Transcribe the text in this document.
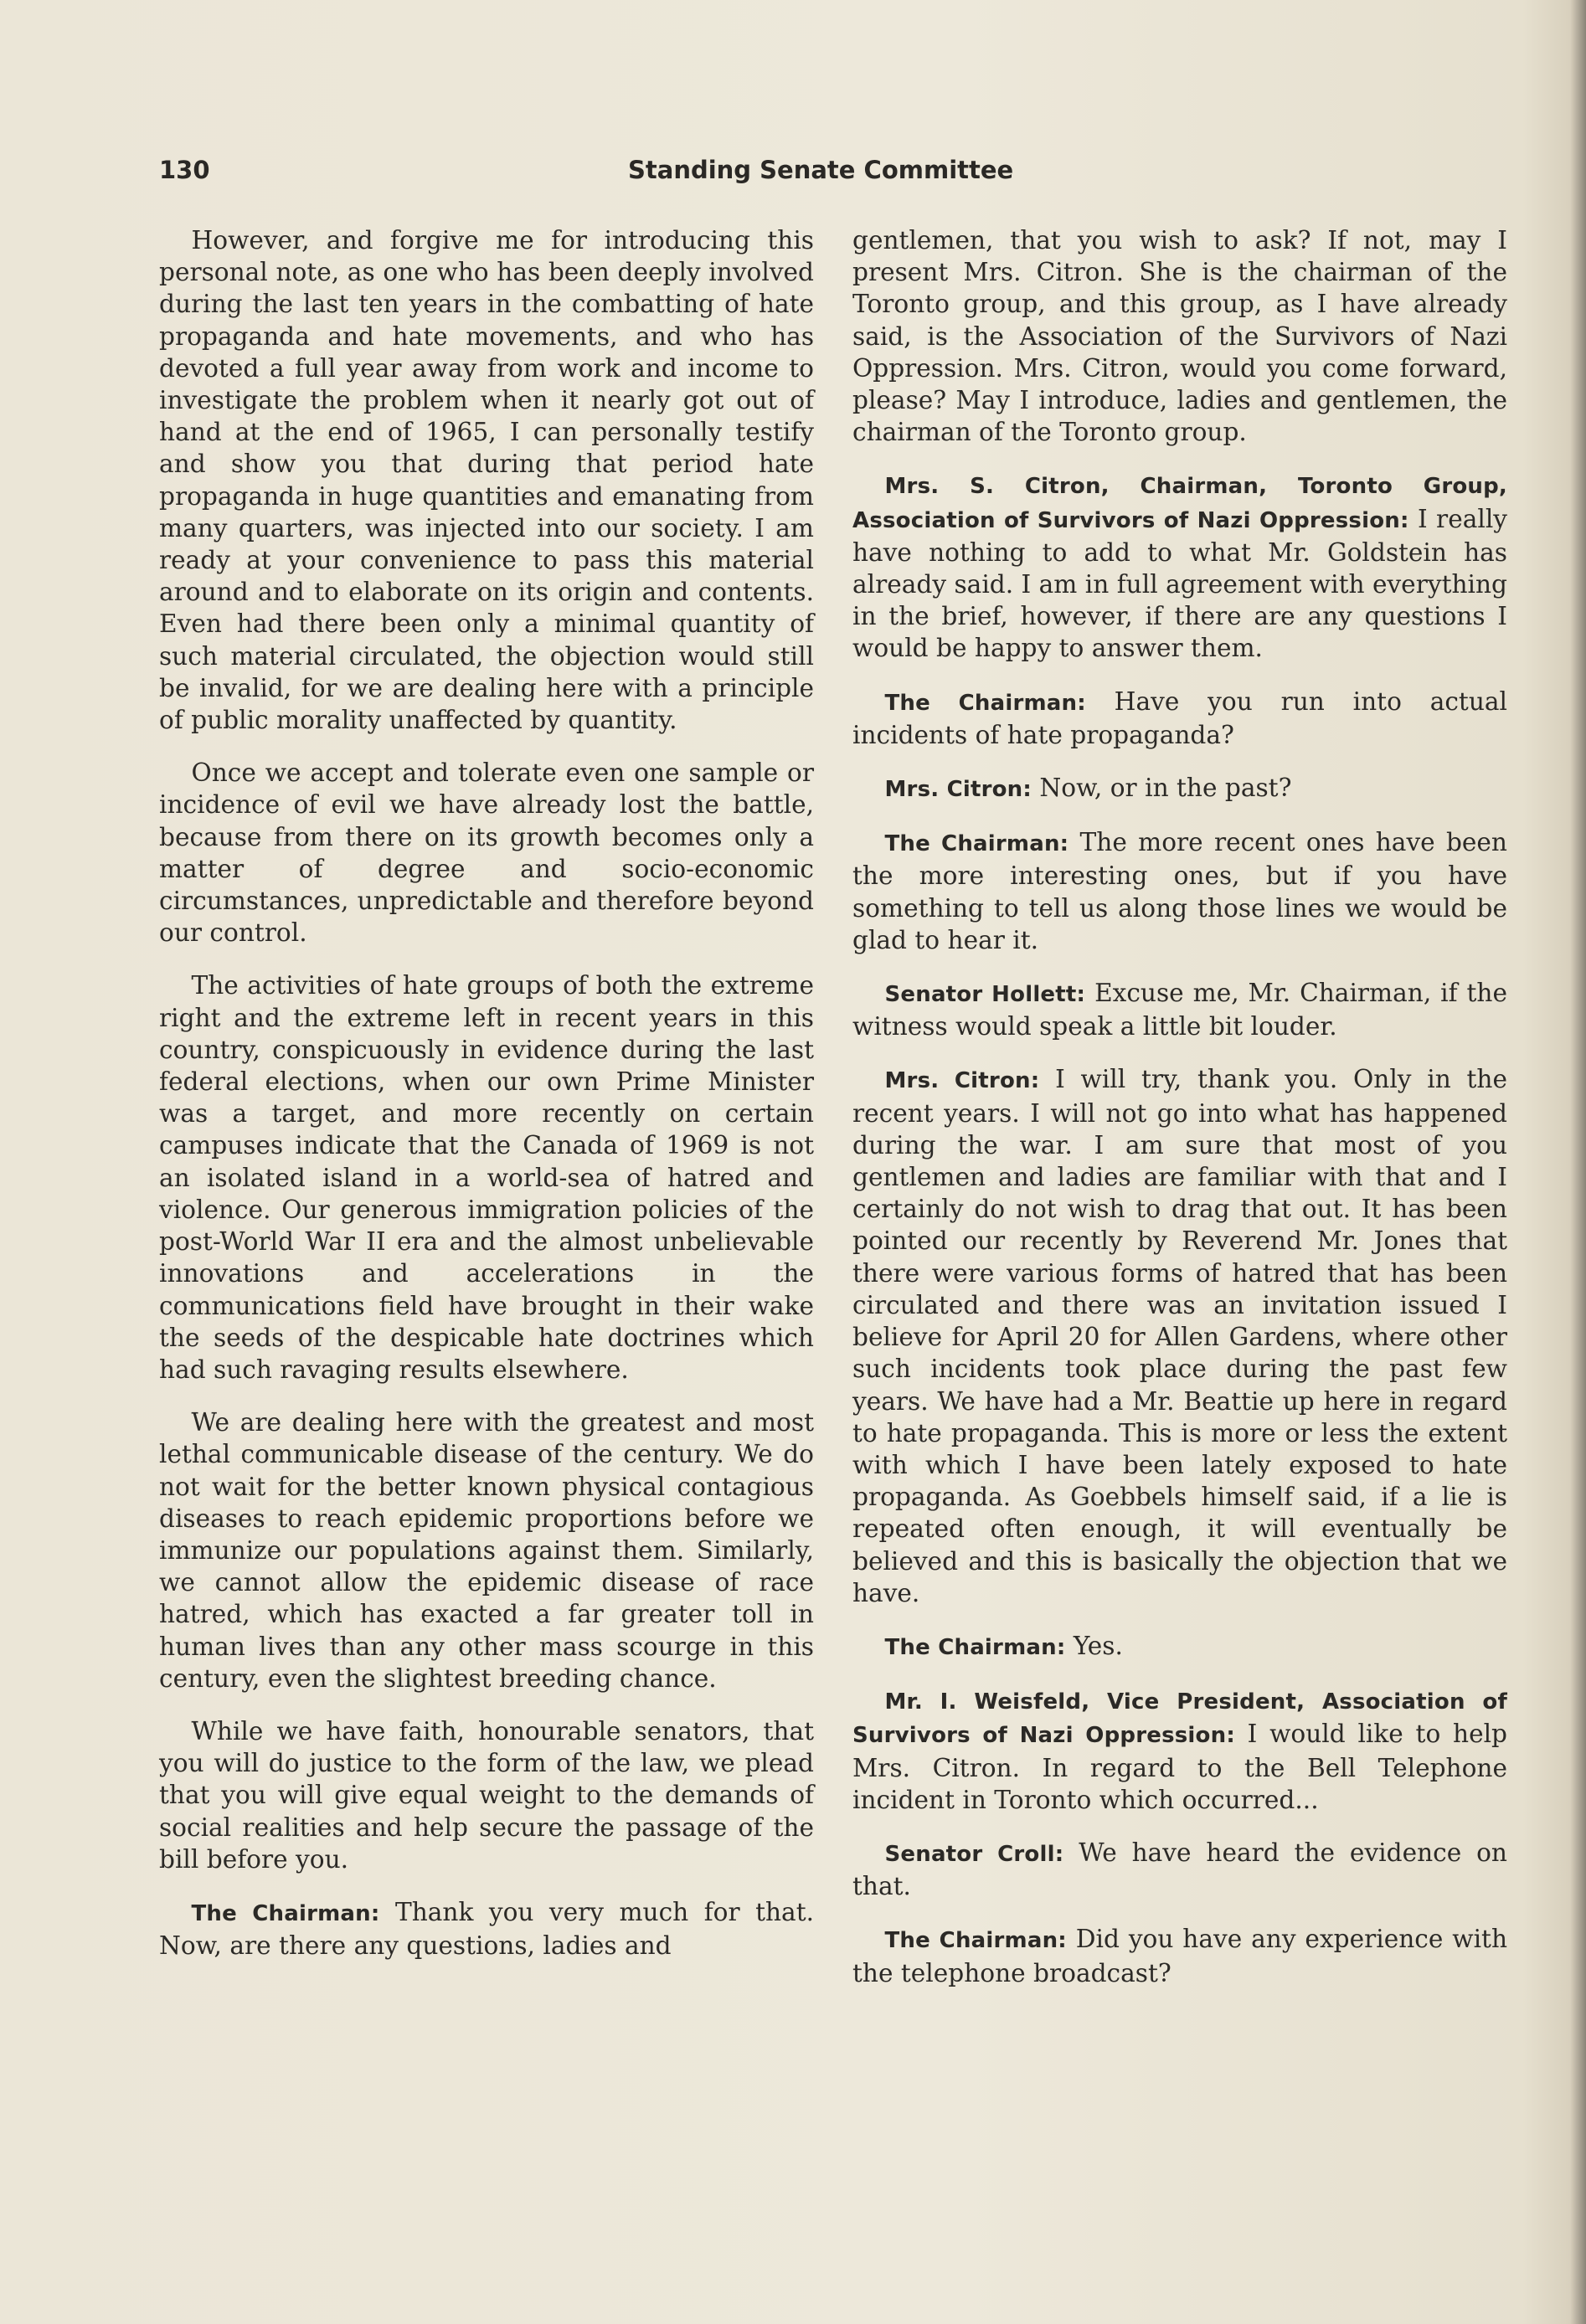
130	Standing Senate Committee

However, and forgive me for introducing this personal note, as one who has been deeply involved during the last ten years in the combatting of hate propaganda and hate movements, and who has devoted a full year away from work and income to investigate the problem when it nearly got out of hand at the end of 1965, I can personally testify and show you that during that period hate propaganda in huge quantities and emanating from many quarters, was injected into our society. I am ready at your convenience to pass this material around and to elaborate on its origin and contents. Even had there been only a minimal quantity of such material circulated, the objection would still be invalid, for we are dealing here with a principle of public morality unaffected by quantity.

Once we accept and tolerate even one sample or incidence of evil we have already lost the battle, because from there on its growth becomes only a matter of degree and socio-economic circumstances, unpredictable and therefore beyond our control.

The activities of hate groups of both the extreme right and the extreme left in recent years in this country, conspicuously in evidence during the last federal elections, when our own Prime Minister was a target, and more recently on certain campuses indicate that the Canada of 1969 is not an isolated island in a world-sea of hatred and violence. Our generous immigration policies of the post-World War II era and the almost unbelievable innovations and accelerations in the communications field have brought in their wake the seeds of the despicable hate doctrines which had such ravaging results elsewhere.

We are dealing here with the greatest and most lethal communicable disease of the century. We do not wait for the better known physical contagious diseases to reach epidemic proportions before we immunize our populations against them. Similarly, we cannot allow the epidemic disease of race hatred, which has exacted a far greater toll in human lives than any other mass scourge in this century, even the slightest breeding chance.

While we have faith, honourable senators, that you will do justice to the form of the law, we plead that you will give equal weight to the demands of social realities and help secure the passage of the bill before you.

The Chairman: Thank you very much for that. Now, are there any questions, ladies and

gentlemen, that you wish to ask? If not, may I present Mrs. Citron. She is the chairman of the Toronto group, and this group, as I have already said, is the Association of the Survivors of Nazi Oppression. Mrs. Citron, would you come forward, please? May I introduce, ladies and gentlemen, the chairman of the Toronto group.

Mrs. S. Citron, Chairman, Toronto Group, Association of Survivors of Nazi Oppression: I really have nothing to add to what Mr. Goldstein has already said. I am in full agreement with everything in the brief, however, if there are any questions I would be happy to answer them.

The Chairman: Have you run into actual incidents of hate propaganda?

Mrs. Citron: Now, or in the past?

The Chairman: The more recent ones have been the more interesting ones, but if you have something to tell us along those lines we would be glad to hear it.

Senator Hollett: Excuse me, Mr. Chairman, if the witness would speak a little bit louder.

Mrs. Citron: I will try, thank you. Only in the recent years. I will not go into what has happened during the war. I am sure that most of you gentlemen and ladies are familiar with that and I certainly do not wish to drag that out. It has been pointed our recently by Reverend Mr. Jones that there were various forms of hatred that has been circulated and there was an invitation issued I believe for April 20 for Allen Gardens, where other such incidents took place during the past few years. We have had a Mr. Beattie up here in regard to hate propaganda. This is more or less the extent with which I have been lately exposed to hate propaganda. As Goebbels himself said, if a lie is repeated often enough, it will eventually be believed and this is basically the objection that we have.

The Chairman: Yes.

Mr. I. Weisfeld, Vice President, Association of Survivors of Nazi Oppression: I would like to help Mrs. Citron. In regard to the Bell Telephone incident in Toronto which occurred...

Senator Croll: We have heard the evidence on that.

The Chairman: Did you have any experience with the telephone broadcast?
